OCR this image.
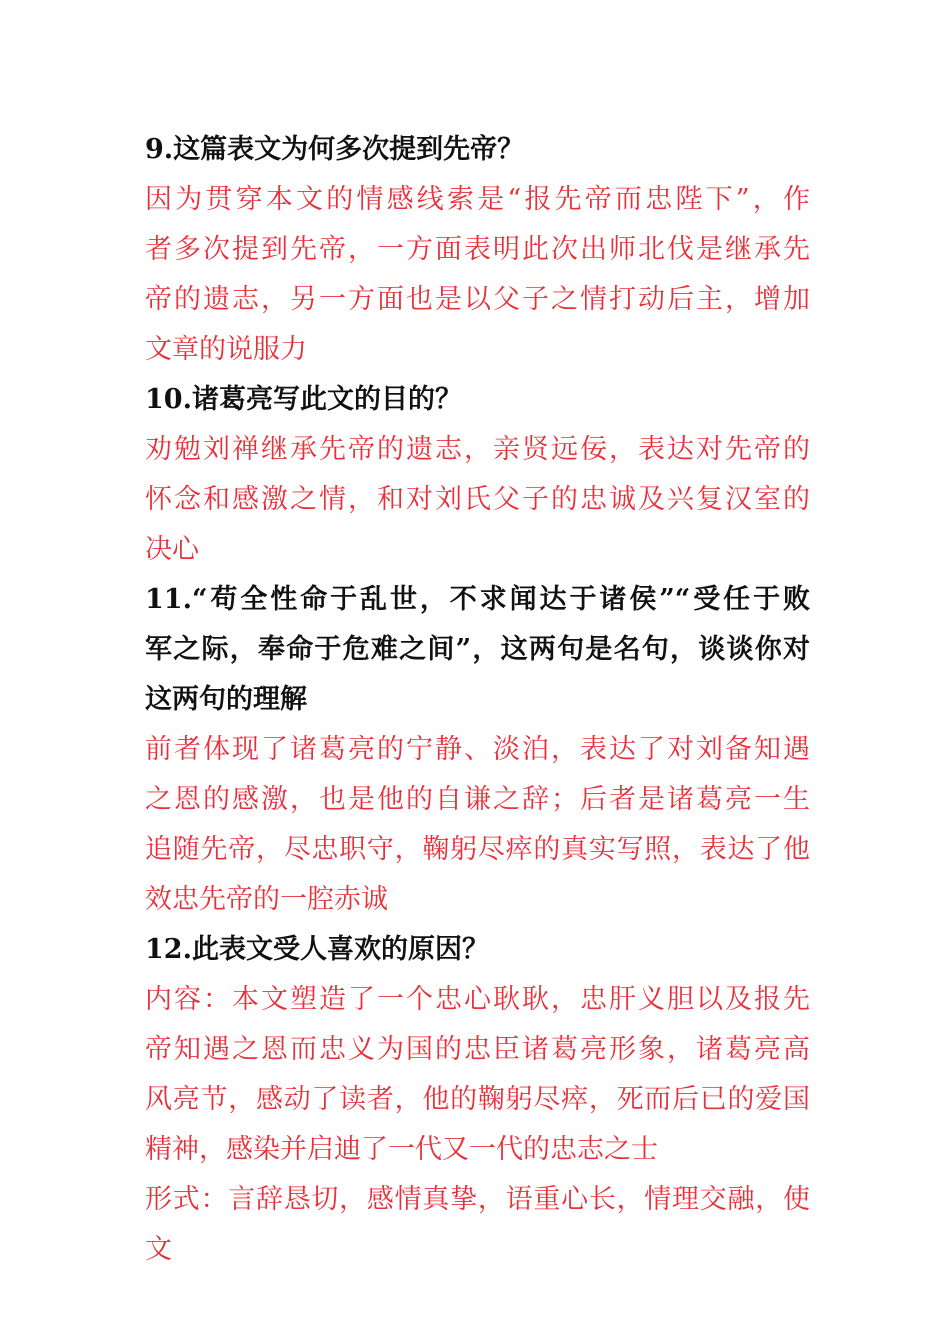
9.这篇表文为何多次提到先帝？
因为贯穿本文的情感线索是“报先帝而忠陛下”，作
者多次提到先帝，一方面表明此次出师北伐是继承先
帝的遗志，另一方面也是以父子之情打动后主，增加
文章的说服力
10.诸葛亮写此文的目的？
劝勉刘禅继承先帝的遗志，亲贤远佞，表达对先帝的
怀念和感激之情，和对刘氏父子的忠诚及兴复汉室的
决心
11.“苟全性命于乱世，不求闻达于诸侯”“受任于败
军之际，奉命于危难之间”，这两句是名句，谈谈你对
这两句的理解
前者体现了诸葛亮的宁静、淡泊，表达了对刘备知遇
之恩的感激，也是他的自谦之辞；后者是诸葛亮一生
追随先帝，尽忠职守，鞠躬尽瘁的真实写照，表达了他
效忠先帝的一腔赤诚
12.此表文受人喜欢的原因？
内容：本文塑造了一个忠心耿耿，忠肝义胆以及报先
帝知遇之恩而忠义为国的忠臣诸葛亮形象，诸葛亮高
风亮节，感动了读者，他的鞠躬尽瘁，死而后已的爱国
精神，感染并启迪了一代又一代的忠志之士
形式：言辞恳切，感情真挚，语重心长，情理交融，使文
